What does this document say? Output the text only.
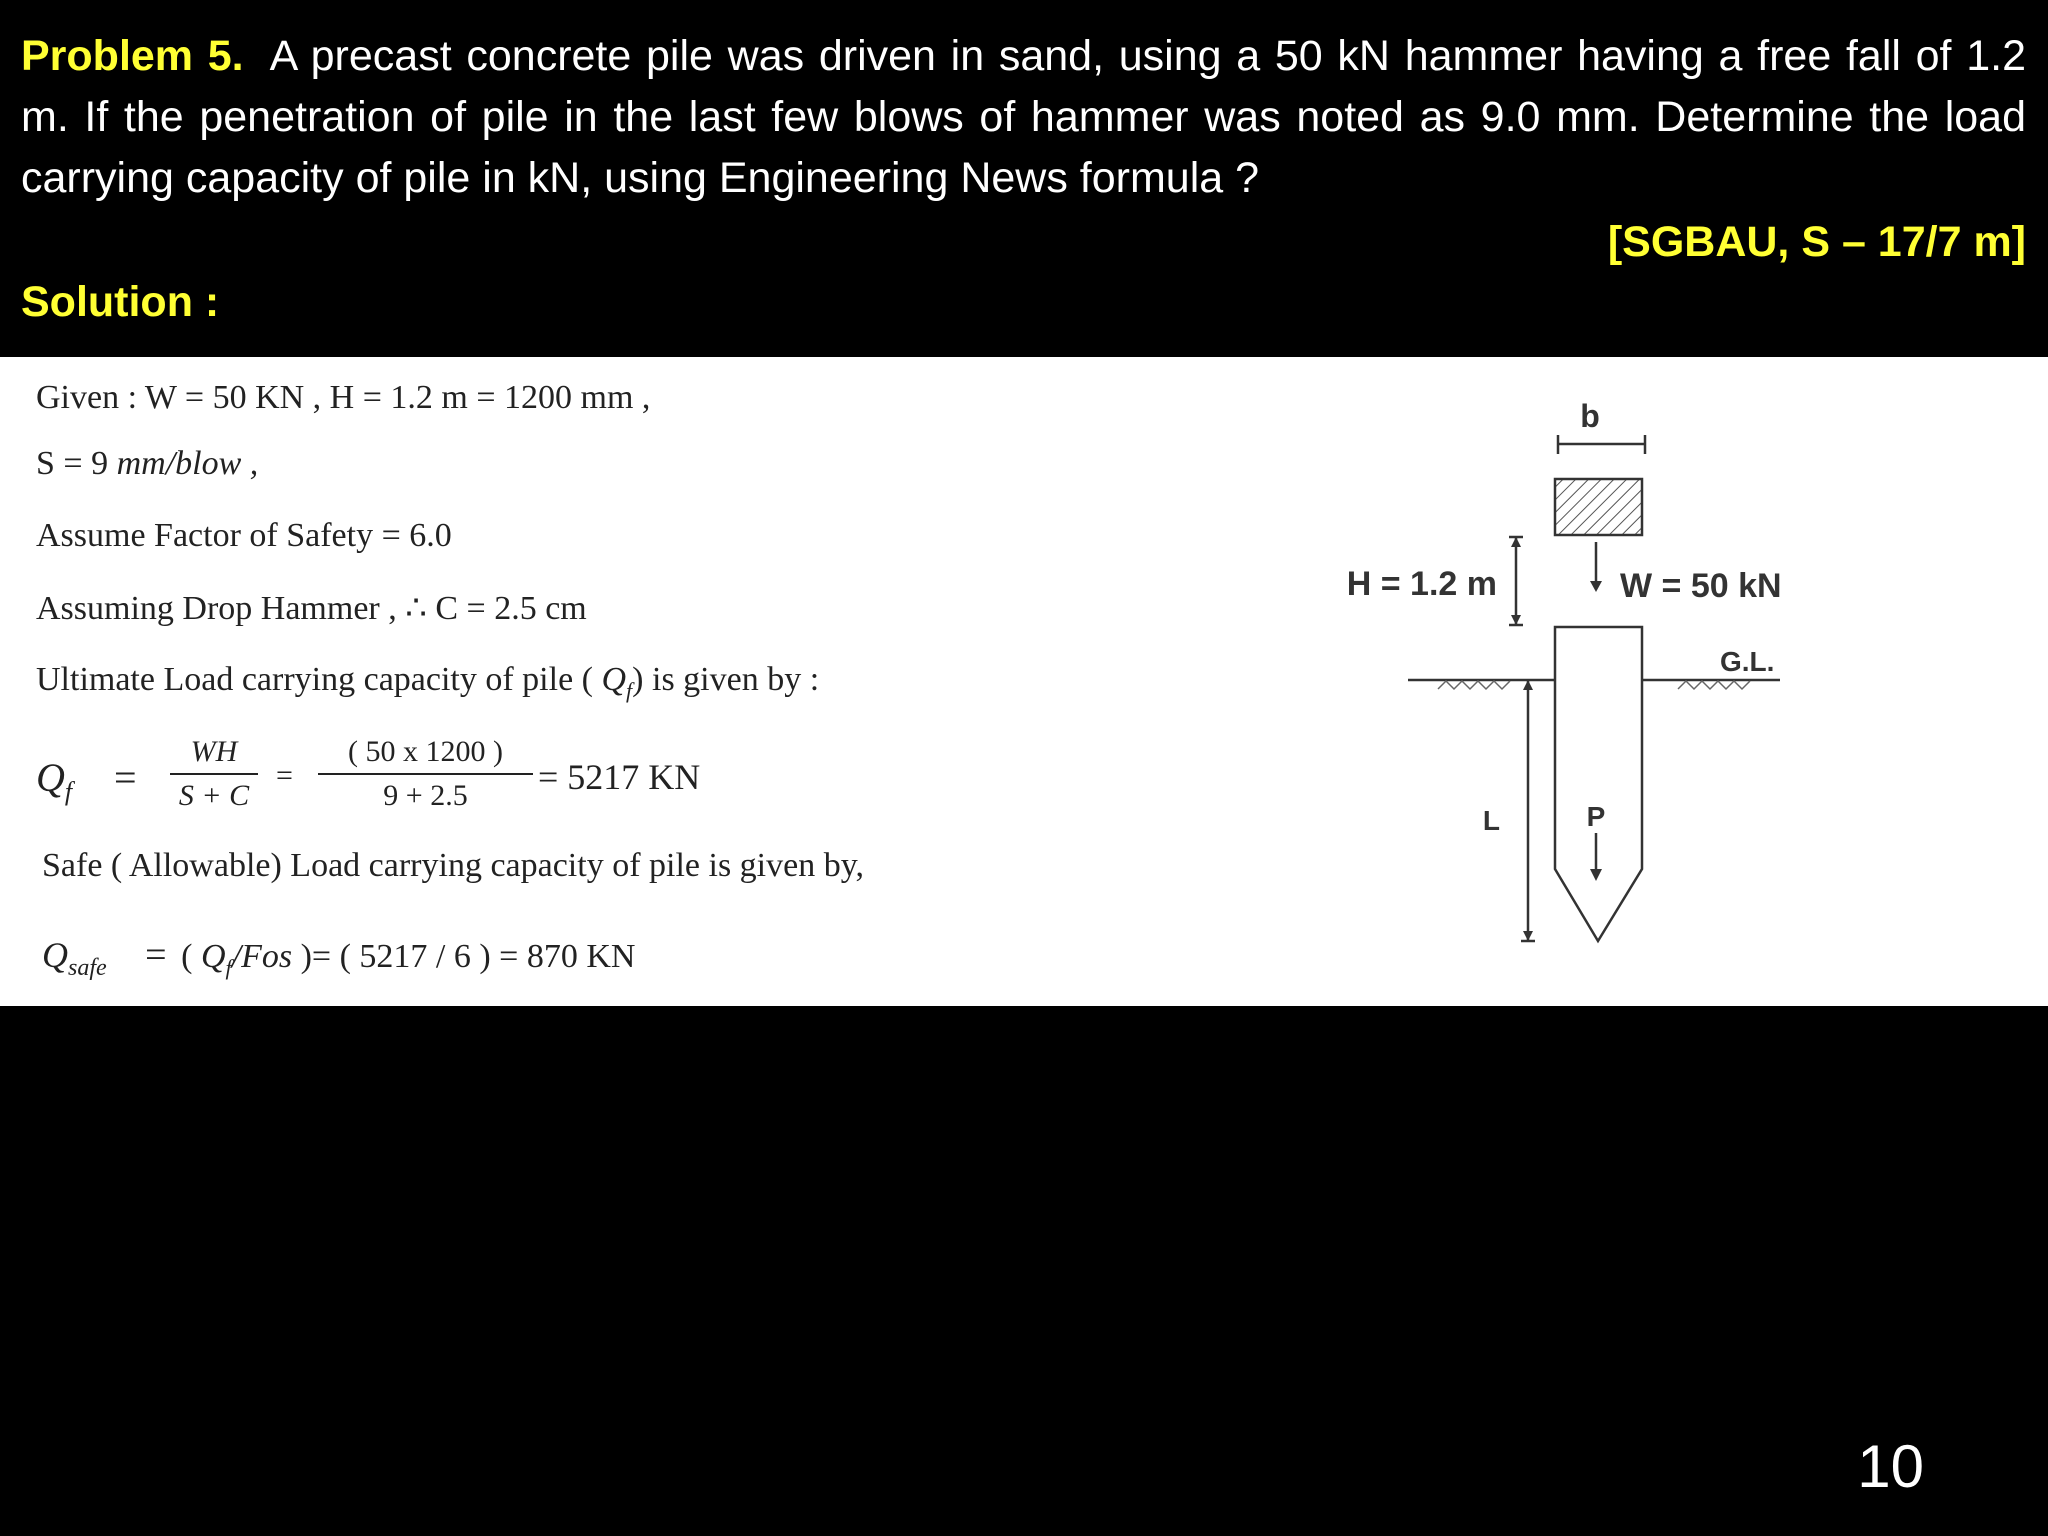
Problem 5. A precast concrete pile was driven in sand, using a 50 kN hammer having a free fall of 1.2 m. If the penetration of pile in the last few blows of hammer was noted as 9.0 mm. Determine the load carrying capacity of pile in kN, using Engineering News formula ?
[SGBAU, S – 17/7 m]
Solution :
Given : W = 50 KN , H = 1.2 m = 1200 mm ,
S = 9 mm/blow ,
Assume Factor of Safety = 6.0
Assuming Drop Hammer , ∴ C = 2.5 cm
Ultimate Load carrying capacity of pile ( $Q_f$) is given by :
$Q_f$ =
WH
S + C
=
( 50 x 1200 )
9 + 2.5	= 5217 KN
Safe ( Allowable) Load carrying capacity of pile is given by,
$Q_{safe}$ = ( $Q_f$/Fos )= ( 5217 / 6 ) = 870 KN
b
H = 1.2 m	W = 50 kN
G.L.
L	P
10
